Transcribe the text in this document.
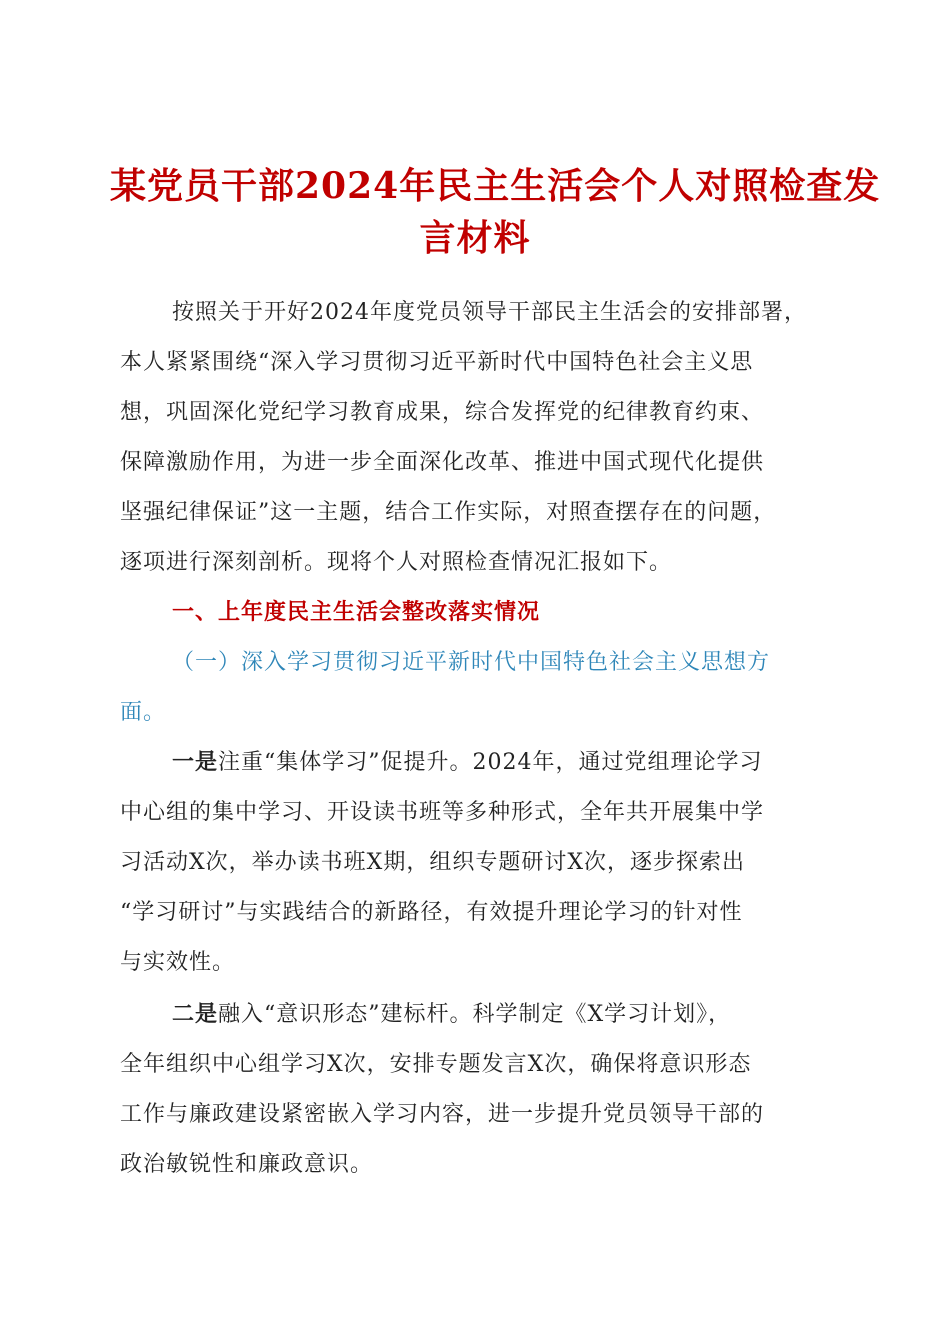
某党员干部2024年民主生活会个人对照检查发
言材料
按照关于开好2024年度党员领导干部民主生活会的安排部署，
本人紧紧围绕“深入学习贯彻习近平新时代中国特色社会主义思
想，巩固深化党纪学习教育成果，综合发挥党的纪律教育约束、
保障激励作用，为进一步全面深化改革、推进中国式现代化提供
坚强纪律保证”这一主题，结合工作实际，对照查摆存在的问题，
逐项进行深刻剖析。现将个人对照检查情况汇报如下。
一、上年度民主生活会整改落实情况
（一）深入学习贯彻习近平新时代中国特色社会主义思想方
面。
一是注重“集体学习”促提升。2024年，通过党组理论学习
中心组的集中学习、开设读书班等多种形式，全年共开展集中学
习活动X次，举办读书班X期，组织专题研讨X次，逐步探索出
“学习研讨”与实践结合的新路径，有效提升理论学习的针对性
与实效性。
二是融入“意识形态”建标杆。科学制定《X学习计划》，
全年组织中心组学习X次，安排专题发言X次，确保将意识形态
工作与廉政建设紧密嵌入学习内容，进一步提升党员领导干部的
政治敏锐性和廉政意识。
